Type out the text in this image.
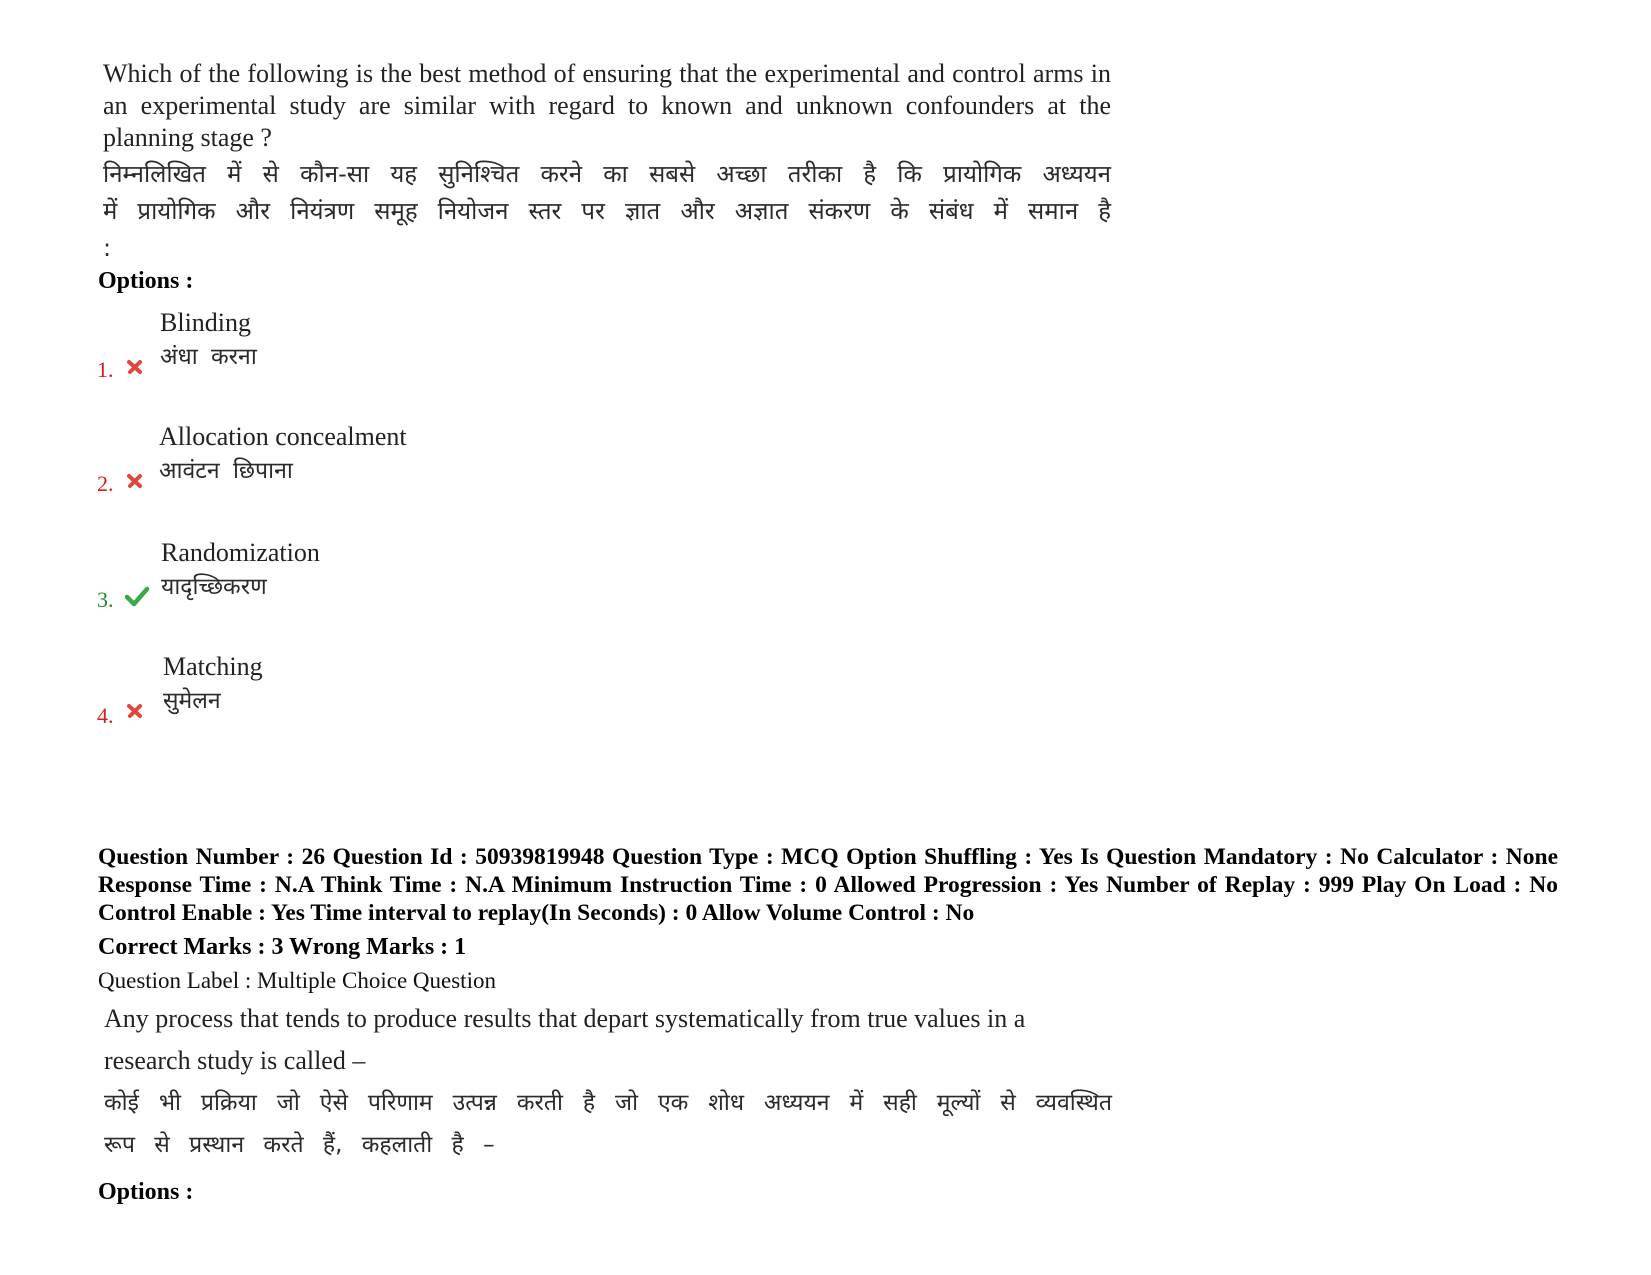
Which of the following is the best method of ensuring that the experimental and control arms in an experimental study are similar with regard to known and unknown confounders at the planning stage ?
निम्नलिखित में से कौन-सा यह सुनिश्चित करने का सबसे अच्छा तरीका है कि प्रायोगिक अध्ययन में प्रायोगिक और नियंत्रण समूह नियोजन स्तर पर ज्ञात और अज्ञात संकरण के संबंध में समान है :
Options :
1.
Blinding
अंधा करना
2.
Allocation concealment
आवंटन छिपाना
3.
Randomization
यादृच्छिकरण
4.
Matching
सुमेलन
Question Number : 26 Question Id : 50939819948 Question Type : MCQ Option Shuffling : Yes Is Question Mandatory : No Calculator : None Response Time : N.A Think Time : N.A Minimum Instruction Time : 0 Allowed Progression : Yes Number of Replay : 999 Play On Load : No Control Enable : Yes Time interval to replay(In Seconds) : 0 Allow Volume Control : No
Correct Marks : 3 Wrong Marks : 1
Question Label : Multiple Choice Question
Any process that tends to produce results that depart systematically from true values in a
research study is called –
कोई भी प्रक्रिया जो ऐसे परिणाम उत्पन्न करती है जो एक शोध अध्ययन में सही मूल्यों से व्यवस्थित रूप से प्रस्थान करते हैं, कहलाती है –
Options :
